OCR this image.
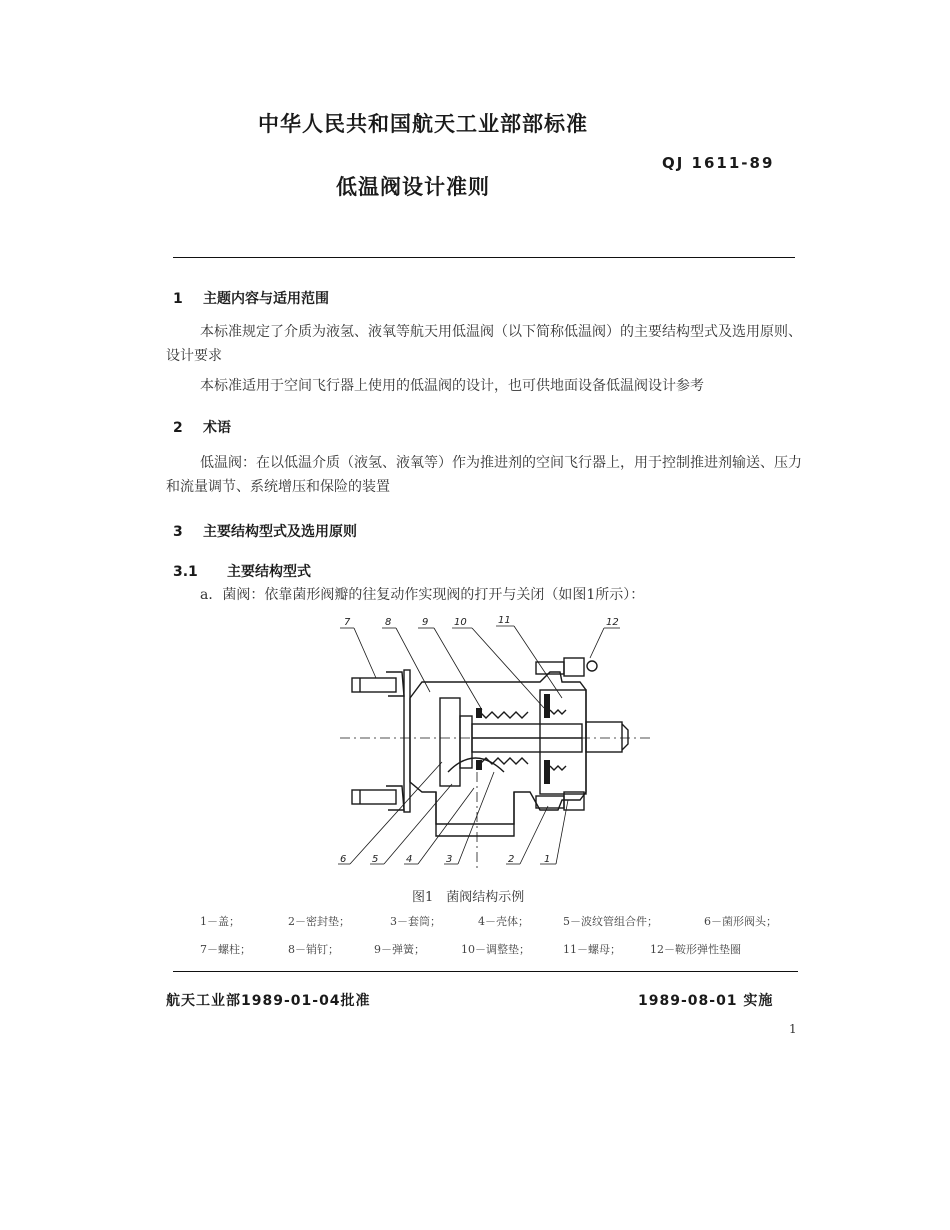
中华人民共和国航天工业部部标准
QJ 1611-89
低温阀设计准则
1 主题内容与适用范围
本标准规定了介质为液氢、液氧等航天用低温阀（以下简称低温阀）的主要结构型式及选用原则、设计要求
本标准适用于空间飞行器上使用的低温阀的设计，也可供地面设备低温阀设计参考
2 术语
低温阀：在以低温介质（液氢、液氧等）作为推进剂的空间飞行器上，用于控制推进剂输送、压力和流量调节、系统增压和保险的装置
3 主要结构型式及选用原则
3.1 主要结构型式
a．菌阀：依靠菌形阀瓣的往复动作实现阀的打开与关闭（如图1所示）：
7	8	9	10	11	12
6	5	4	3	2	1
图1　菌阀结构示例
1－盖；	2－密封垫；	3－套筒；	4－壳体；	5－波纹管组合件；	6－菌形阀头；
7－螺柱；	8－销钉；	9－弹簧；	10－调整垫；	11－螺母；	12－鞍形弹性垫圈
航天工业部1989-01-04批准	1989-08-01 实施
1
